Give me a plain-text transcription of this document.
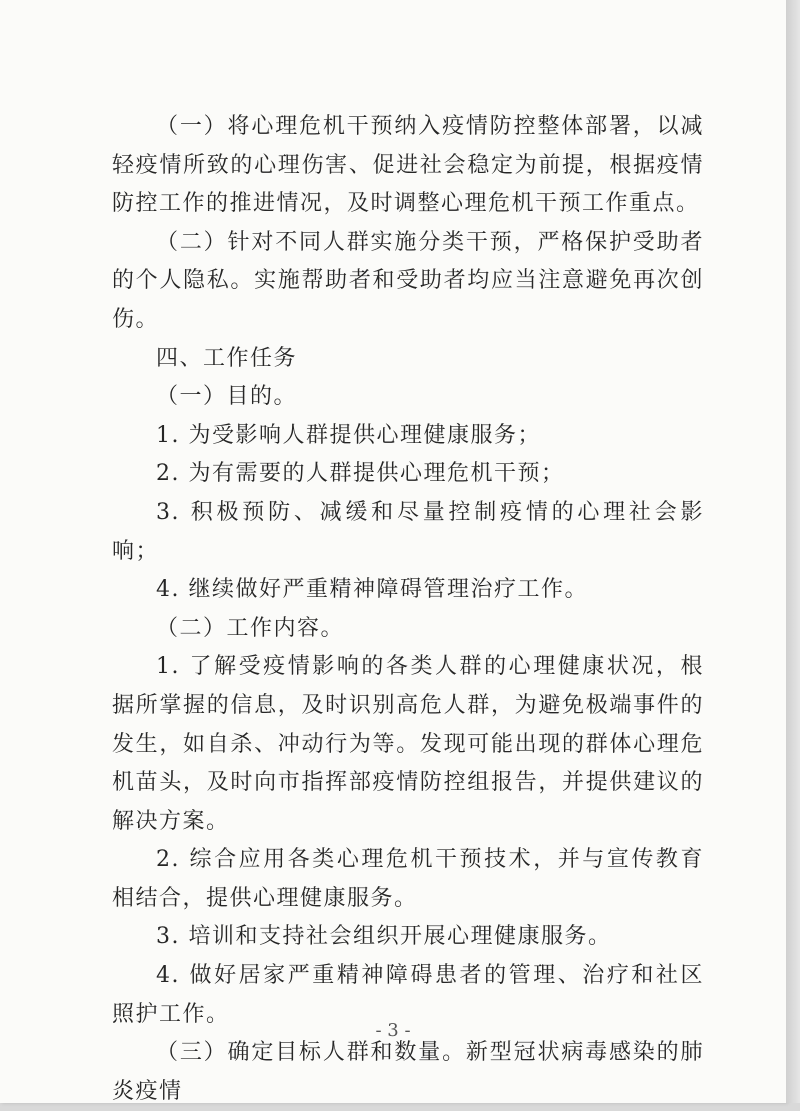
（一）将心理危机干预纳入疫情防控整体部署，以减轻疫情所致的心理伤害、促进社会稳定为前提，根据疫情防控工作的推进情况，及时调整心理危机干预工作重点。

（二）针对不同人群实施分类干预，严格保护受助者的个人隐私。实施帮助者和受助者均应当注意避免再次创伤。

四、工作任务

（一）目的。

1. 为受影响人群提供心理健康服务；

2. 为有需要的人群提供心理危机干预；

3. 积极预防、减缓和尽量控制疫情的心理社会影响；

4. 继续做好严重精神障碍管理治疗工作。

（二）工作内容。

1. 了解受疫情影响的各类人群的心理健康状况，根据所掌握的信息，及时识别高危人群，为避免极端事件的发生，如自杀、冲动行为等。发现可能出现的群体心理危机苗头，及时向市指挥部疫情防控组报告，并提供建议的解决方案。

2. 综合应用各类心理危机干预技术，并与宣传教育相结合，提供心理健康服务。

3. 培训和支持社会组织开展心理健康服务。

4. 做好居家严重精神障碍患者的管理、治疗和社区照护工作。

（三）确定目标人群和数量。新型冠状病毒感染的肺炎疫情

- 3 -
